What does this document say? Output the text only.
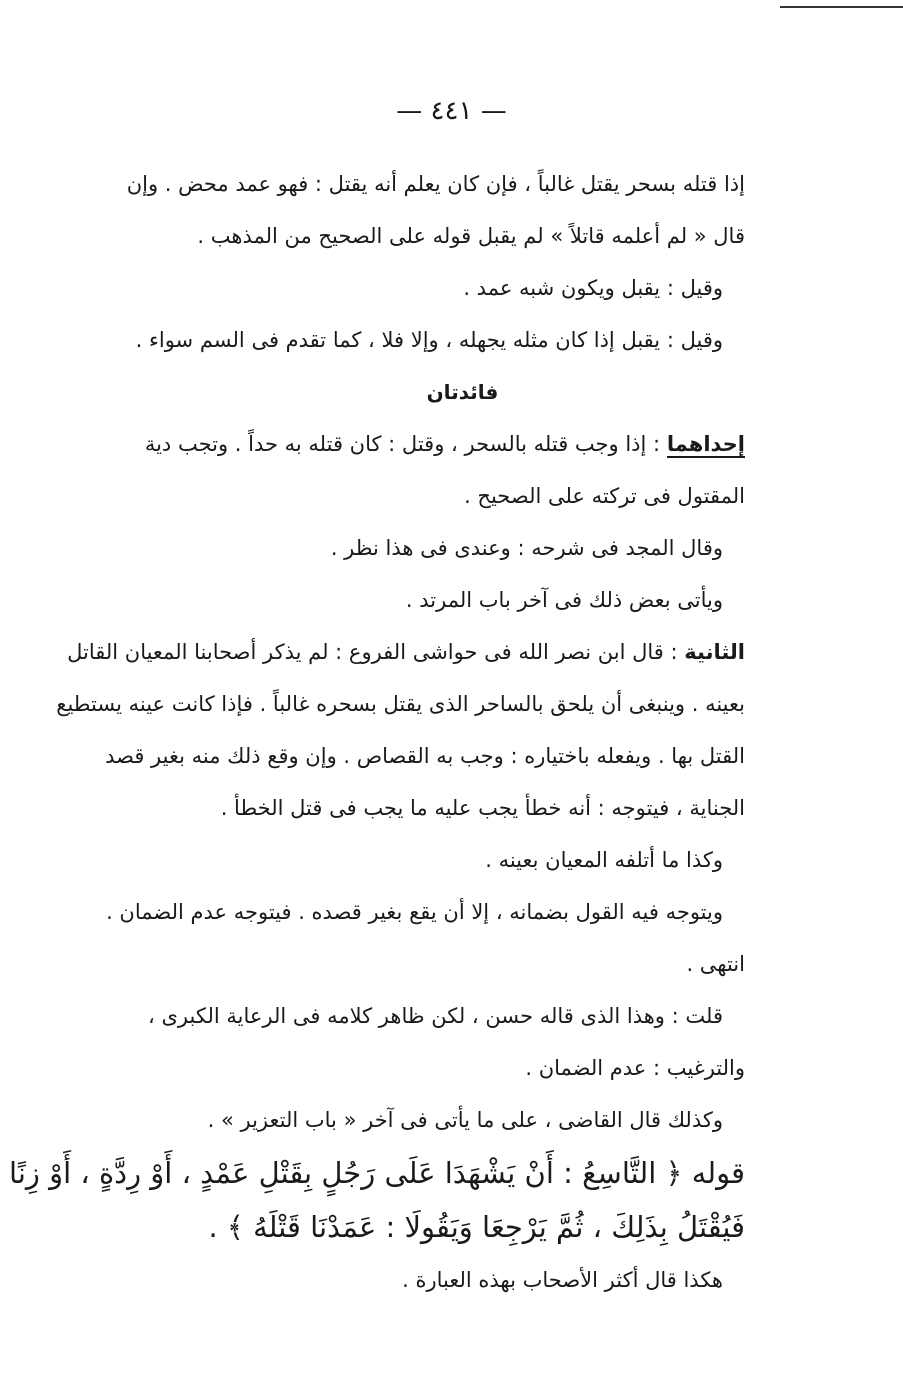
— ٤٤١ —
إذا قتله بسحر يقتل غالباً ، فإن كان يعلم أنه يقتل : فهو عمد محض . وإن
قال « لم أعلمه قاتلاً » لم يقبل قوله على الصحيح من المذهب .
وقيل : يقبل ويكون شبه عمد .
وقيل : يقبل إذا كان مثله يجهله ، وإلا فلا ، كما تقدم فى السم سواء .
فائدتان
إحداهما : إذا وجب قتله بالسحر ، وقتل : كان قتله به حداً . وتجب دية
المقتول فى تركته على الصحيح .
وقال المجد فى شرحه : وعندى فى هذا نظر .
ويأتى بعض ذلك فى آخر باب المرتد .
الثانية : قال ابن نصر الله فى حواشى الفروع : لم يذكر أصحابنا المعيان القاتل
بعينه . وينبغى أن يلحق بالساحر الذى يقتل بسحره غالباً . فإذا كانت عينه يستطيع
القتل بها . ويفعله باختياره : وجب به القصاص . وإن وقع ذلك منه بغير قصد
الجناية ، فيتوجه : أنه خطأ يجب عليه ما يجب فى قتل الخطأ .
وكذا ما أتلفه المعيان بعينه .
ويتوجه فيه القول بضمانه ، إلا أن يقع بغير قصده . فيتوجه عدم الضمان .
انتهى .
قلت : وهذا الذى قاله حسن ، لكن ظاهر كلامه فى الرعاية الكبرى ،
والترغيب : عدم الضمان .
وكذلك قال القاضى ، على ما يأتى فى آخر « باب التعزير » .
قوله ﴿ التَّاسِعُ : أَنْ يَشْهَدَا عَلَى رَجُلٍ بِقَتْلِ عَمْدٍ ، أَوْ رِدَّةٍ ، أَوْ زِنًا
فَيُقْتَلُ بِذَلِكَ ، ثُمَّ يَرْجِعَا وَيَقُولَا : عَمَدْنَا قَتْلَهُ ﴾ .
هكذا قال أكثر الأصحاب بهذه العبارة .
